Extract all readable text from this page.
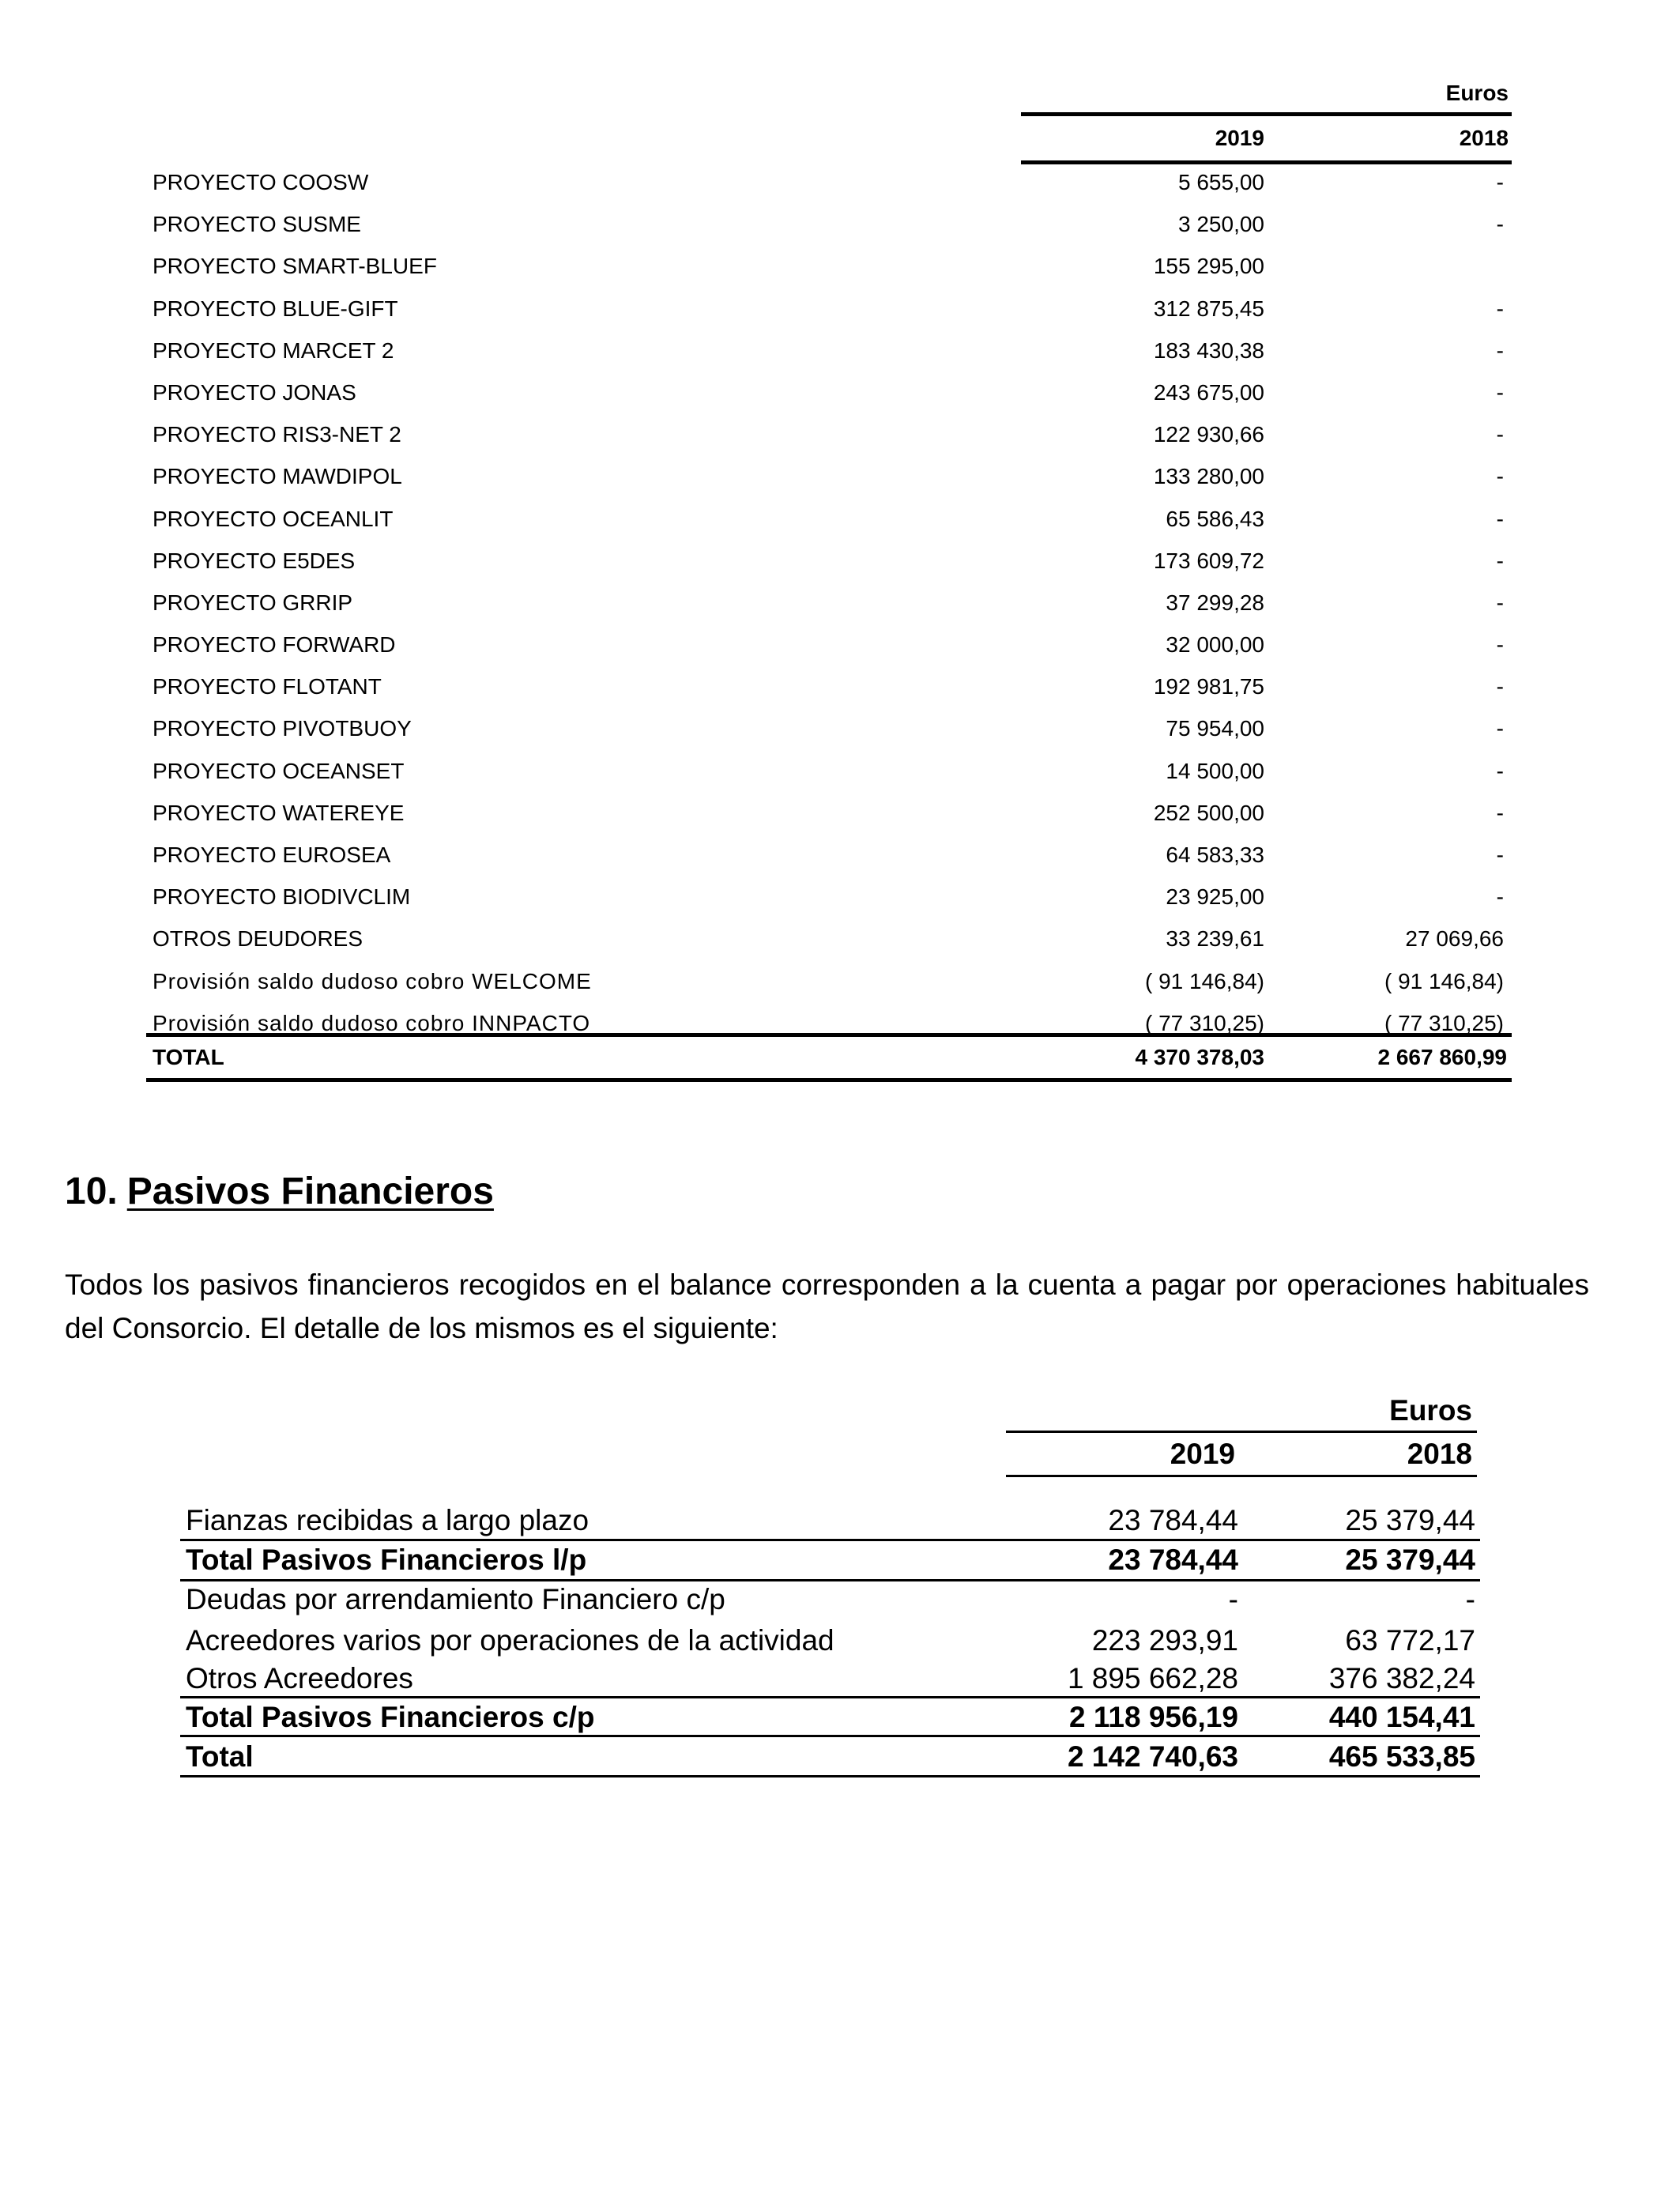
Euros
2019	2018
PROYECTO COOSW	5 655,00	-
PROYECTO SUSME	3 250,00	-
PROYECTO SMART-BLUEF	155 295,00
PROYECTO BLUE-GIFT	312 875,45	-
PROYECTO MARCET 2	183 430,38	-
PROYECTO JONAS	243 675,00	-
PROYECTO RIS3-NET 2	122 930,66	-
PROYECTO MAWDIPOL	133 280,00	-
PROYECTO OCEANLIT	65 586,43	-
PROYECTO E5DES	173 609,72	-
PROYECTO GRRIP	37 299,28	-
PROYECTO FORWARD	32 000,00	-
PROYECTO FLOTANT	192 981,75	-
PROYECTO PIVOTBUOY	75 954,00	-
PROYECTO OCEANSET	14 500,00	-
PROYECTO WATEREYE	252 500,00	-
PROYECTO EUROSEA	64 583,33	-
PROYECTO BIODIVCLIM	23 925,00	-
OTROS DEUDORES	33 239,61	27 069,66
Provisión saldo dudoso cobro WELCOME	( 91 146,84)	( 91 146,84)
Provisión saldo dudoso cobro INNPACTO	( 77 310,25)	( 77 310,25)
TOTAL	4 370 378,03	2 667 860,99
10. Pasivos Financieros
Todos los pasivos financieros recogidos en el balance corresponden a la cuenta a pagar por operaciones habituales del Consorcio. El detalle de los mismos es el siguiente:
Euros
2019	2018
Fianzas recibidas a largo plazo	23 784,44	25 379,44
Total Pasivos Financieros l/p	23 784,44	25 379,44
Deudas por arrendamiento Financiero c/p	-	-
Acreedores varios por operaciones de la actividad	223 293,91	63 772,17
Otros Acreedores	1 895 662,28	376 382,24
Total Pasivos Financieros c/p	2 118 956,19	440 154,41
Total	2 142 740,63	465 533,85
